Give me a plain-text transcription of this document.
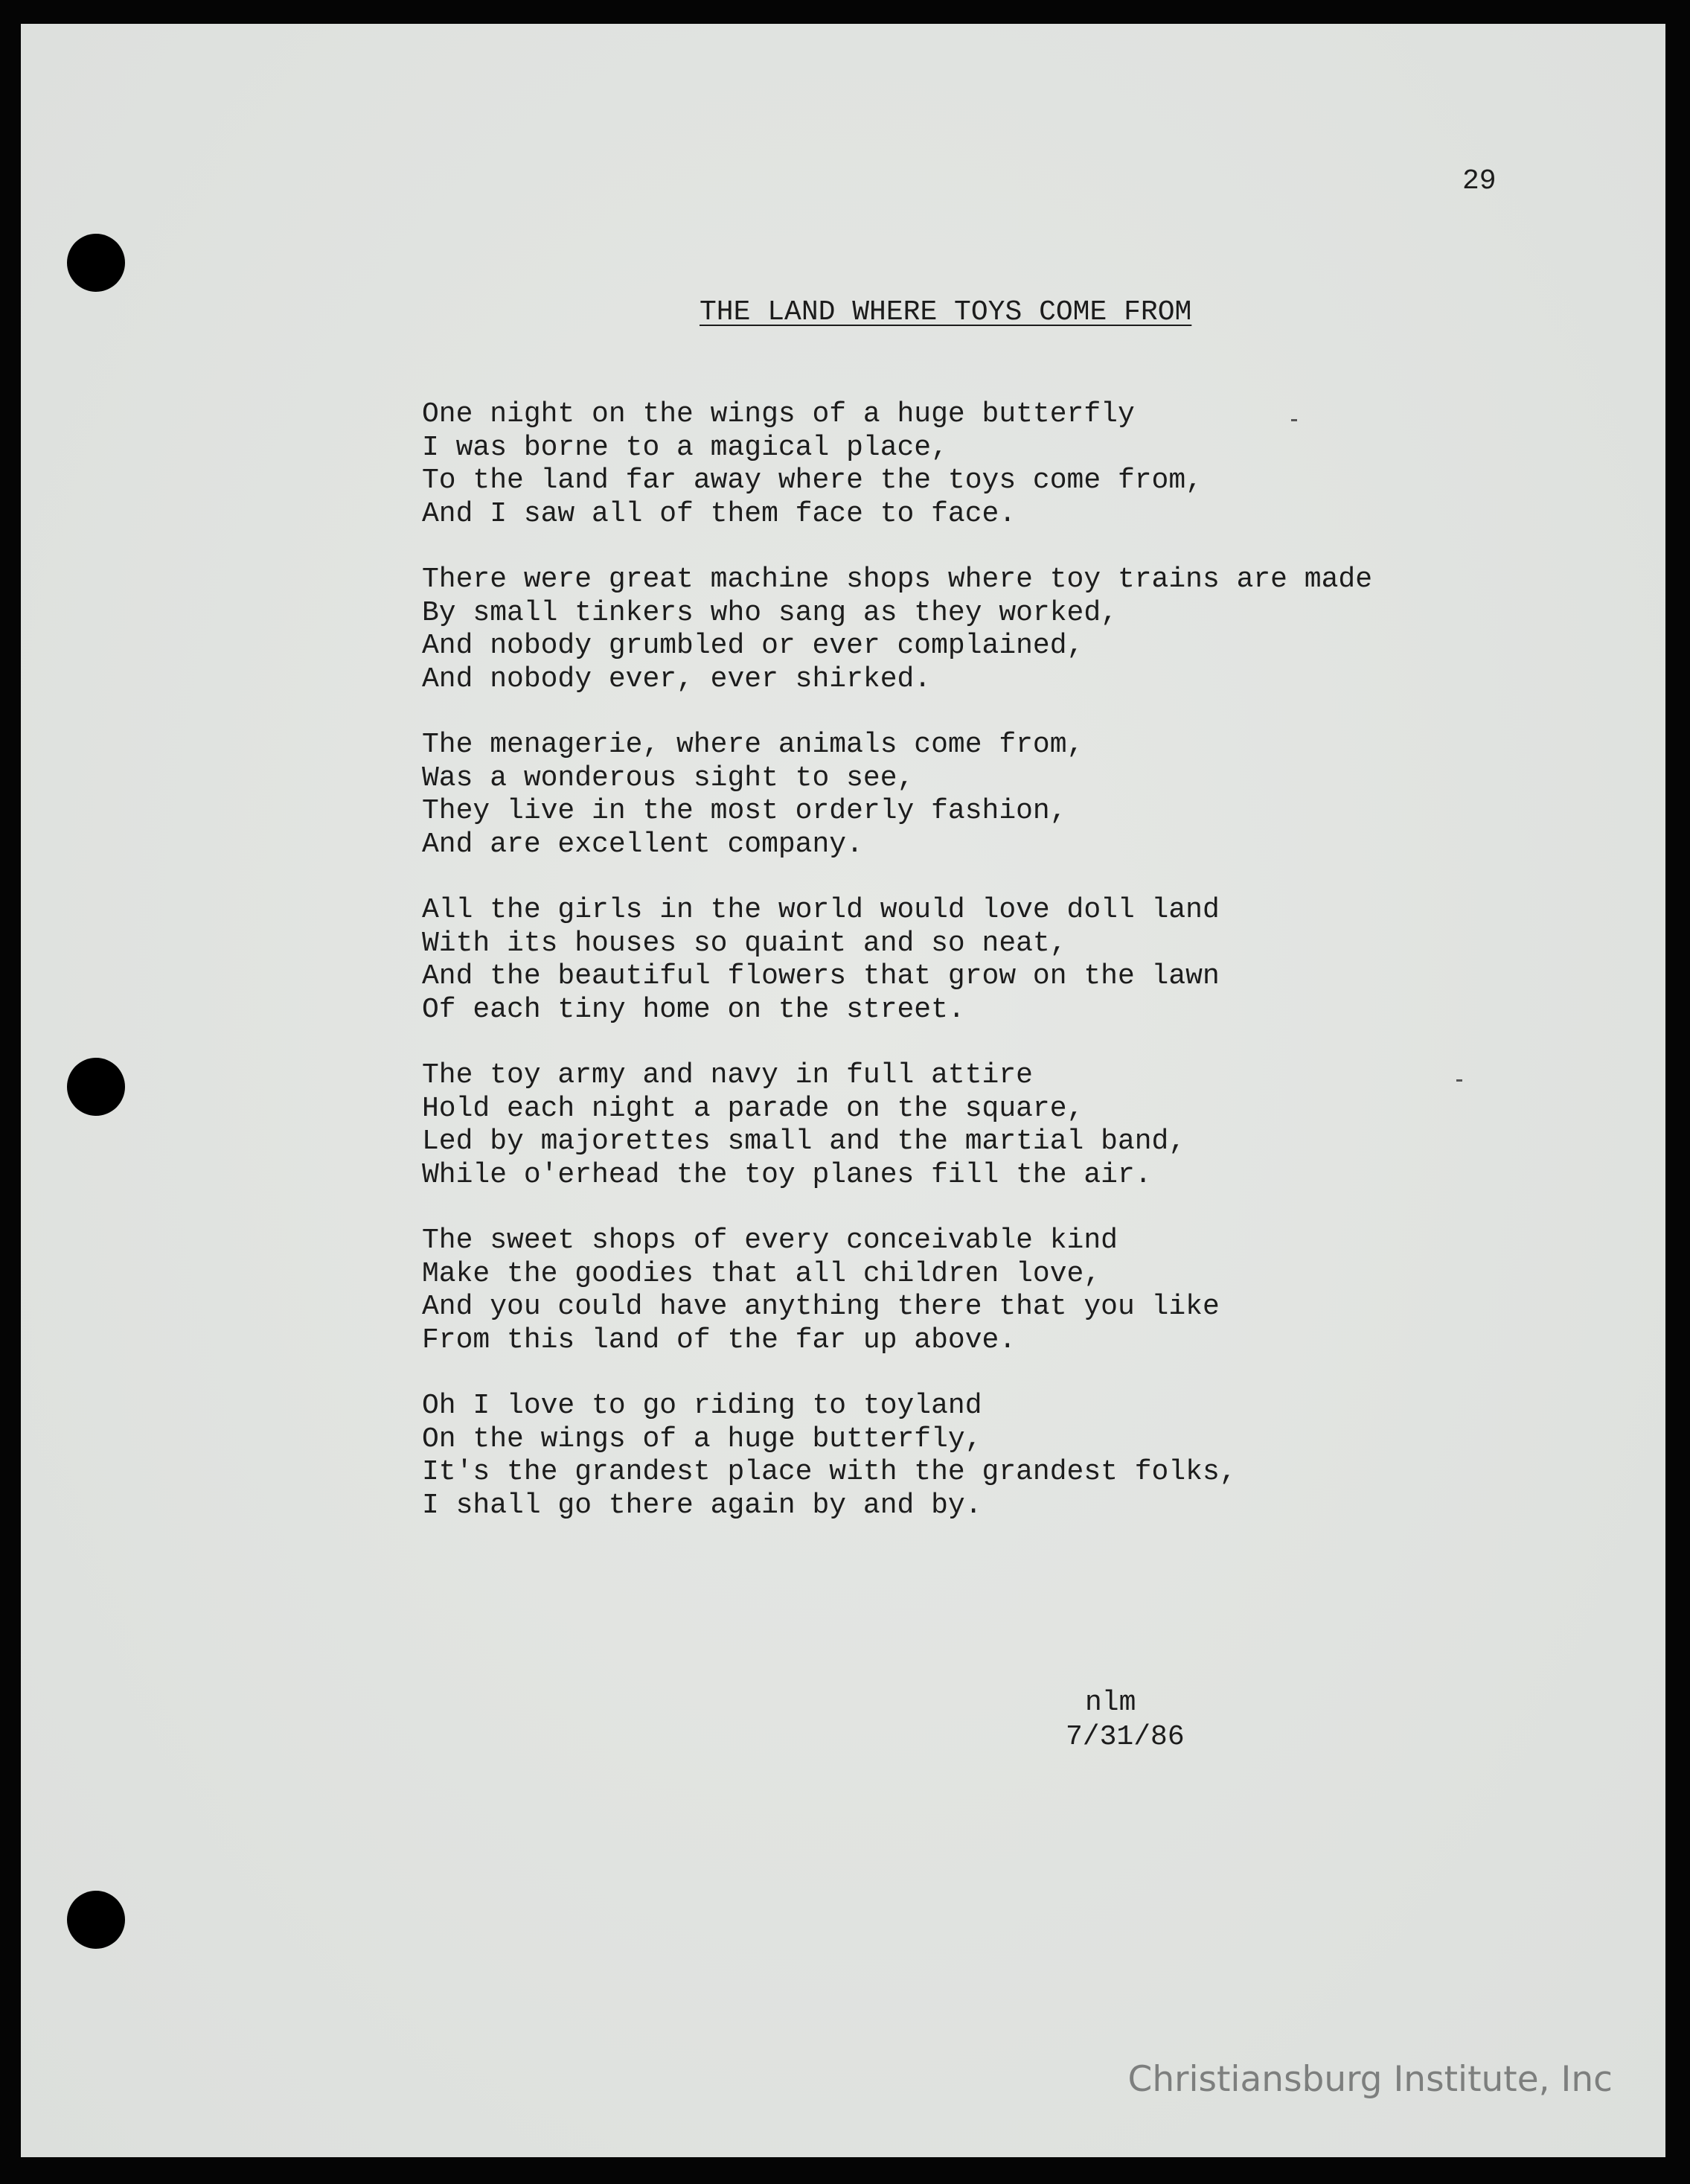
29
THE LAND WHERE TOYS COME FROM
One night on the wings of a huge butterfly
I was borne to a magical place,
To the land far away where the toys come from,
And I saw all of them face to face.
There were great machine shops where toy trains are made
By small tinkers who sang as they worked,
And nobody grumbled or ever complained,
And nobody ever, ever shirked.
The menagerie, where animals come from,
Was a wonderous sight to see,
They live in the most orderly fashion,
And are excellent company.
All the girls in the world would love doll land
With its houses so quaint and so neat,
And the beautiful flowers that grow on the lawn
Of each tiny home on the street.
The toy army and navy in full attire
Hold each night a parade on the square,
Led by majorettes small and the martial band,
While o'erhead the toy planes fill the air.
The sweet shops of every conceivable kind
Make the goodies that all children love,
And you could have anything there that you like
From this land of the far up above.
Oh I love to go riding to toyland
On the wings of a huge butterfly,
It's the grandest place with the grandest folks,
I shall go there again by and by.
nlm
7/31/86
Christiansburg Institute, Inc
